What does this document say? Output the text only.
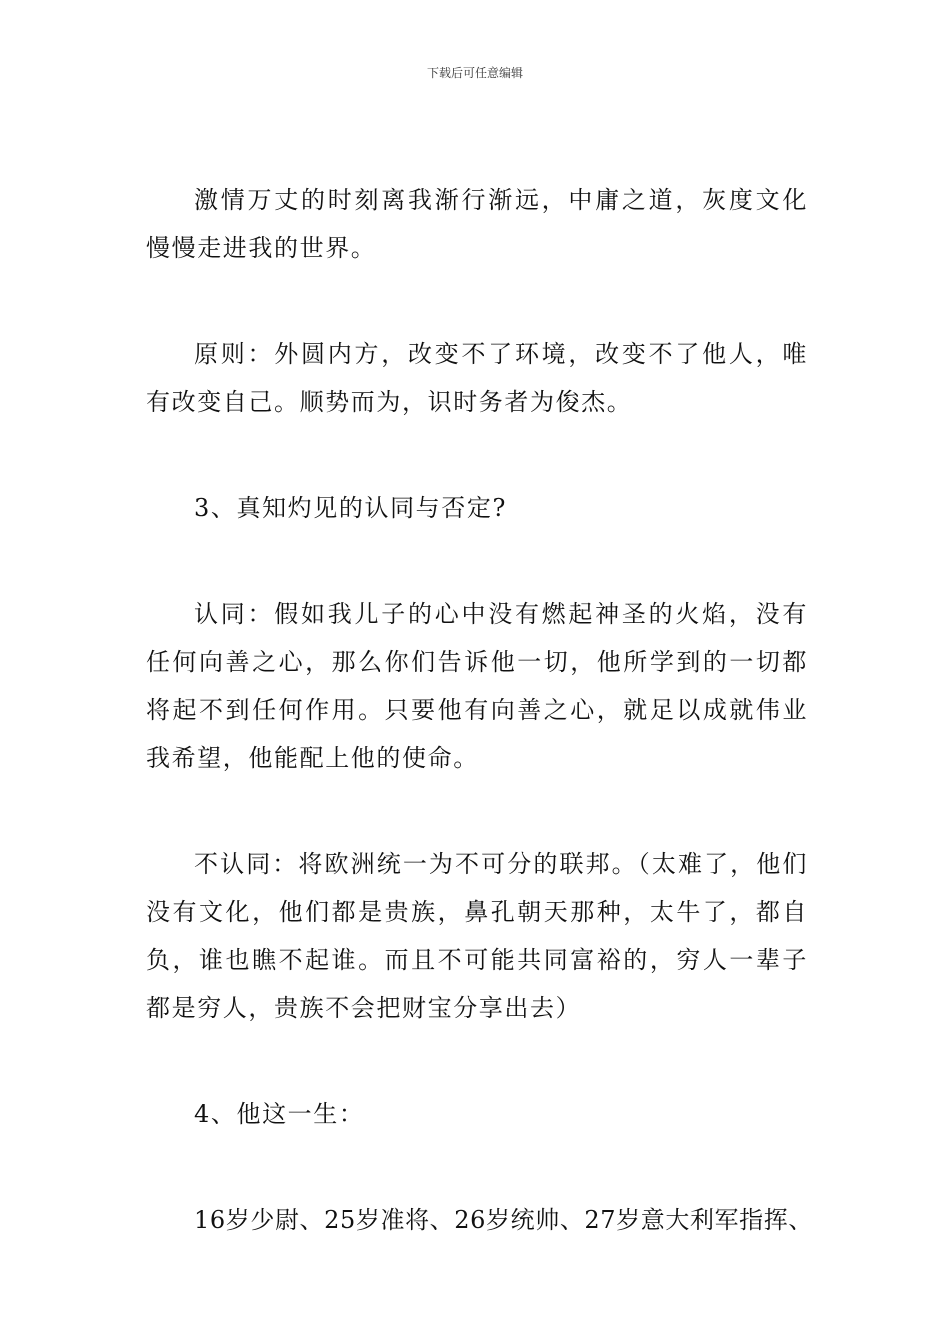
下载后可任意编辑

激情万丈的时刻离我渐行渐远，中庸之道，灰度文化慢慢走进我的世界。

原则：外圆内方，改变不了环境，改变不了他人，唯有改变自己。顺势而为，识时务者为俊杰。

3、真知灼见的认同与否定?

认同：假如我儿子的心中没有燃起神圣的火焰，没有任何向善之心，那么你们告诉他一切，他所学到的一切都将起不到任何作用。只要他有向善之心，就足以成就伟业我希望，他能配上他的使命。

不认同：将欧洲统一为不可分的联邦。（太难了，他们没有文化，他们都是贵族，鼻孔朝天那种，太牛了，都自负，谁也瞧不起谁。而且不可能共同富裕的，穷人一辈子都是穷人，贵族不会把财宝分享出去）

4、他这一生：

16岁少尉、25岁准将、26岁统帅、27岁意大利军指挥、
